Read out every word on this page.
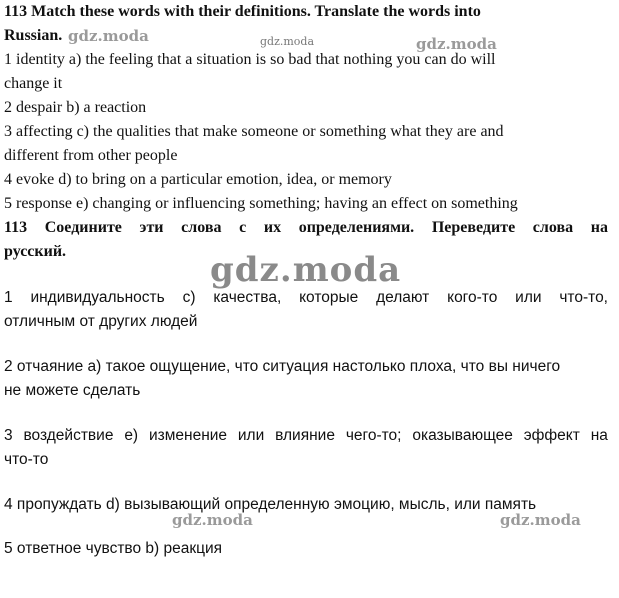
113 Match these words with their definitions. Translate the words into
Russian.
1 identity a) the feeling that a situation is so bad that nothing you can do will
change it
2 despair b) a reaction
3 affecting c) the qualities that make someone or something what they are and
different from other people
4 evoke d) to bring on a particular emotion, idea, or memory
5 response e) changing or influencing something; having an effect on something
113 Соедините эти слова с их определениями. Переведите слова на
русский.
1 индивидуальность c) качества, которые делают кого-то или что-то,
отличным от других людей
2 отчаяние a) такое ощущение, что ситуация настолько плоха, что вы ничего
не можете сделать
3 воздействие e) изменение или влияние чего-то; оказывающее эффект на
что-то
4 пропуждать d) вызывающий определенную эмоцию, мысль, или память
5 ответное чувство b) реакция
gdz.moda	gdz.moda	gdz.moda
gdz.moda
gdz.moda	gdz.moda
